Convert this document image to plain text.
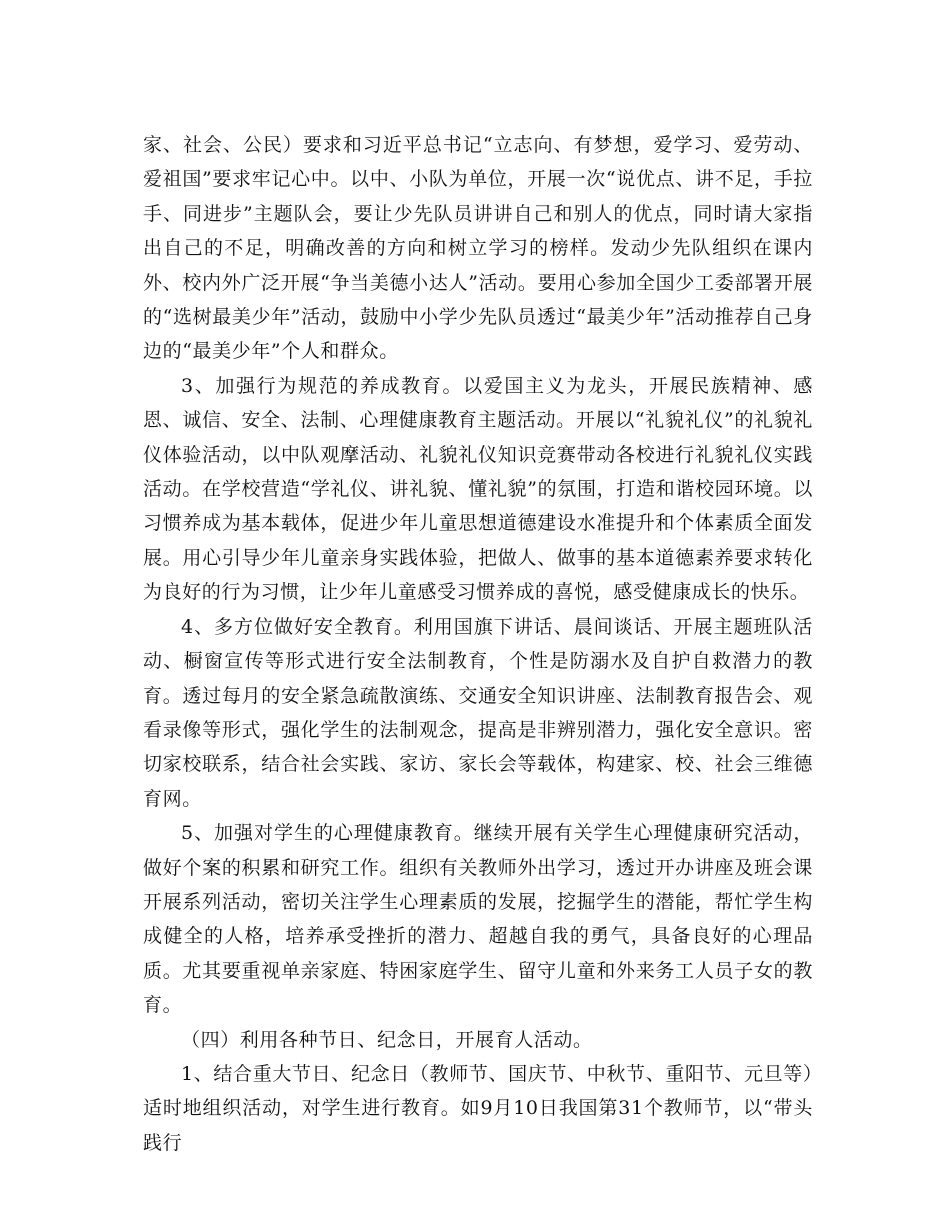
家、社会、公民）要求和习近平总书记“立志向、有梦想，爱学习、爱劳动、爱祖国”要求牢记心中。以中、小队为单位，开展一次“说优点、讲不足，手拉手、同进步”主题队会，要让少先队员讲讲自己和别人的优点，同时请大家指出自己的不足，明确改善的方向和树立学习的榜样。发动少先队组织在课内外、校内外广泛开展“争当美德小达人”活动。要用心参加全国少工委部署开展的“选树最美少年”活动，鼓励中小学少先队员透过“最美少年”活动推荐自己身边的“最美少年”个人和群众。

3、加强行为规范的养成教育。以爱国主义为龙头，开展民族精神、感恩、诚信、安全、法制、心理健康教育主题活动。开展以“礼貌礼仪”的礼貌礼仪体验活动，以中队观摩活动、礼貌礼仪知识竞赛带动各校进行礼貌礼仪实践活动。在学校营造“学礼仪、讲礼貌、懂礼貌”的氛围，打造和谐校园环境。以习惯养成为基本载体，促进少年儿童思想道德建设水准提升和个体素质全面发展。用心引导少年儿童亲身实践体验，把做人、做事的基本道德素养要求转化为良好的行为习惯，让少年儿童感受习惯养成的喜悦，感受健康成长的快乐。

4、多方位做好安全教育。利用国旗下讲话、晨间谈话、开展主题班队活动、橱窗宣传等形式进行安全法制教育，个性是防溺水及自护自救潜力的教育。透过每月的安全紧急疏散演练、交通安全知识讲座、法制教育报告会、观看录像等形式，强化学生的法制观念，提高是非辨别潜力，强化安全意识。密切家校联系，结合社会实践、家访、家长会等载体，构建家、校、社会三维德育网。

5、加强对学生的心理健康教育。继续开展有关学生心理健康研究活动，做好个案的积累和研究工作。组织有关教师外出学习，透过开办讲座及班会课开展系列活动，密切关注学生心理素质的发展，挖掘学生的潜能，帮忙学生构成健全的人格，培养承受挫折的潜力、超越自我的勇气，具备良好的心理品质。尤其要重视单亲家庭、特困家庭学生、留守儿童和外来务工人员子女的教育。

（四）利用各种节日、纪念日，开展育人活动。

1、结合重大节日、纪念日（教师节、国庆节、中秋节、重阳节、元旦等）适时地组织活动，对学生进行教育。如9月10日我国第31个教师节，以“带头践行
